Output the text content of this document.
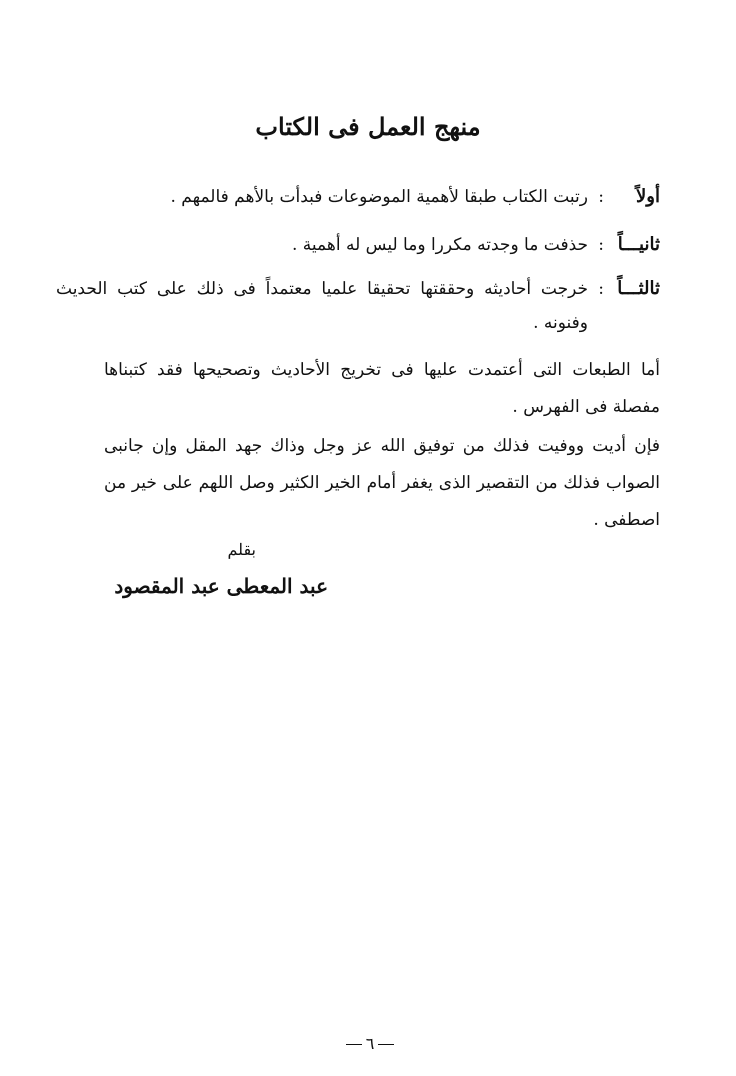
منهج العمل فى الكتاب
أولاً
:
رتبت الكتاب طبقا لأهمية الموضوعات فبدأت بالأهم فالمهم .
ثانيـــاً
:
حذفت ما وجدته مكررا وما ليس له أهمية .
ثالثـــاً
:
خرجت أحاديثه وحققتها تحقيقا علميا معتمداً فى ذلك على كتب الحديث وفنونه .
أما الطبعات التى أعتمدت عليها فى تخريج الأحاديث وتصحيحها فقد كتبناها مفصلة فى الفهرس .
فإن أديت ووفيت فذلك من توفيق الله عز وجل وذاك جهد المقل وإن جانبى الصواب فذلك من التقصير الذى يغفر أمام الخير الكثير وصل اللهم على خير من اصطفى .
بقلم
عبد المعطى عبد المقصود
٦
